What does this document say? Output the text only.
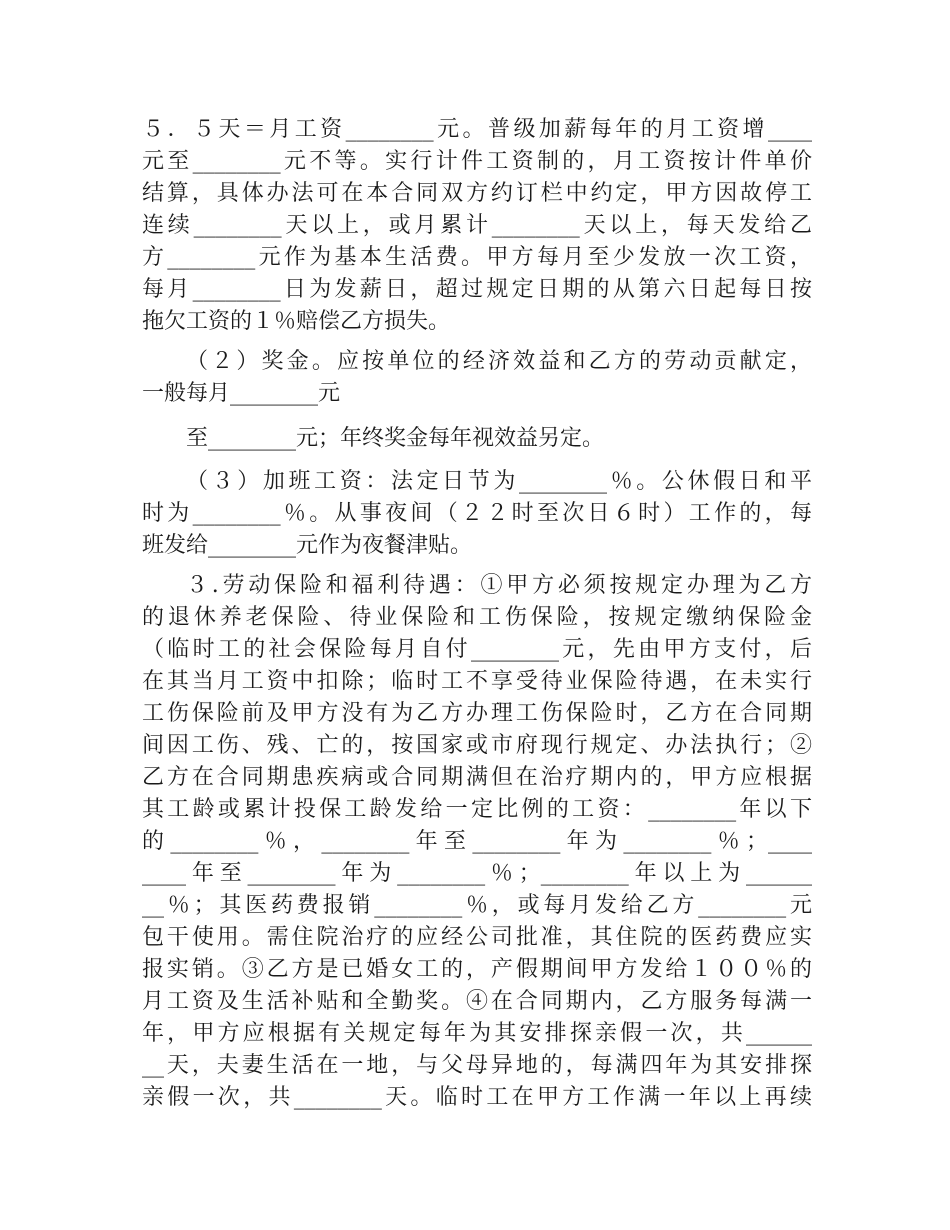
５．５天＝月工资________元。普级加薪每年的月工资增____
元至________元不等。实行计件工资制的，月工资按计件单价
结算，具体办法可在本合同双方约订栏中约定，甲方因故停工
连续________天以上，或月累计________天以上，每天发给乙
方________元作为基本生活费。甲方每月至少发放一次工资，
每月________日为发薪日，超过规定日期的从第六日起每日按
拖欠工资的１％赔偿乙方损失。
（２）奖金。应按单位的经济效益和乙方的劳动贡献定，
一般每月________元
至________元；年终奖金每年视效益另定。
（３）加班工资：法定日节为________％。公休假日和平
时为________％。从事夜间（２２时至次日６时）工作的，每
班发给________元作为夜餐津贴。
３.劳动保险和福利待遇：①甲方必须按规定办理为乙方
的退休养老保险、待业保险和工伤保险，按规定缴纳保险金
（临时工的社会保险每月自付________元，先由甲方支付，后
在其当月工资中扣除；临时工不享受待业保险待遇，在未实行
工伤保险前及甲方没有为乙方办理工伤保险时，乙方在合同期
间因工伤、残、亡的，按国家或市府现行规定、办法执行；②
乙方在合同期患疾病或合同期满但在治疗期内的，甲方应根据
其工龄或累计投保工龄发给一定比例的工资：________年以下
的________％，________年至________年为________％；____
____年至________年为________％；________年以上为______
__％；其医药费报销________％，或每月发给乙方________元
包干使用。需住院治疗的应经公司批准，其住院的医药费应实
报实销。③乙方是已婚女工的，产假期间甲方发给１００％的
月工资及生活补贴和全勤奖。④在合同期内，乙方服务每满一
年，甲方应根据有关规定每年为其安排探亲假一次，共______
__天，夫妻生活在一地，与父母异地的，每满四年为其安排探
亲假一次，共________天。临时工在甲方工作满一年以上再续
